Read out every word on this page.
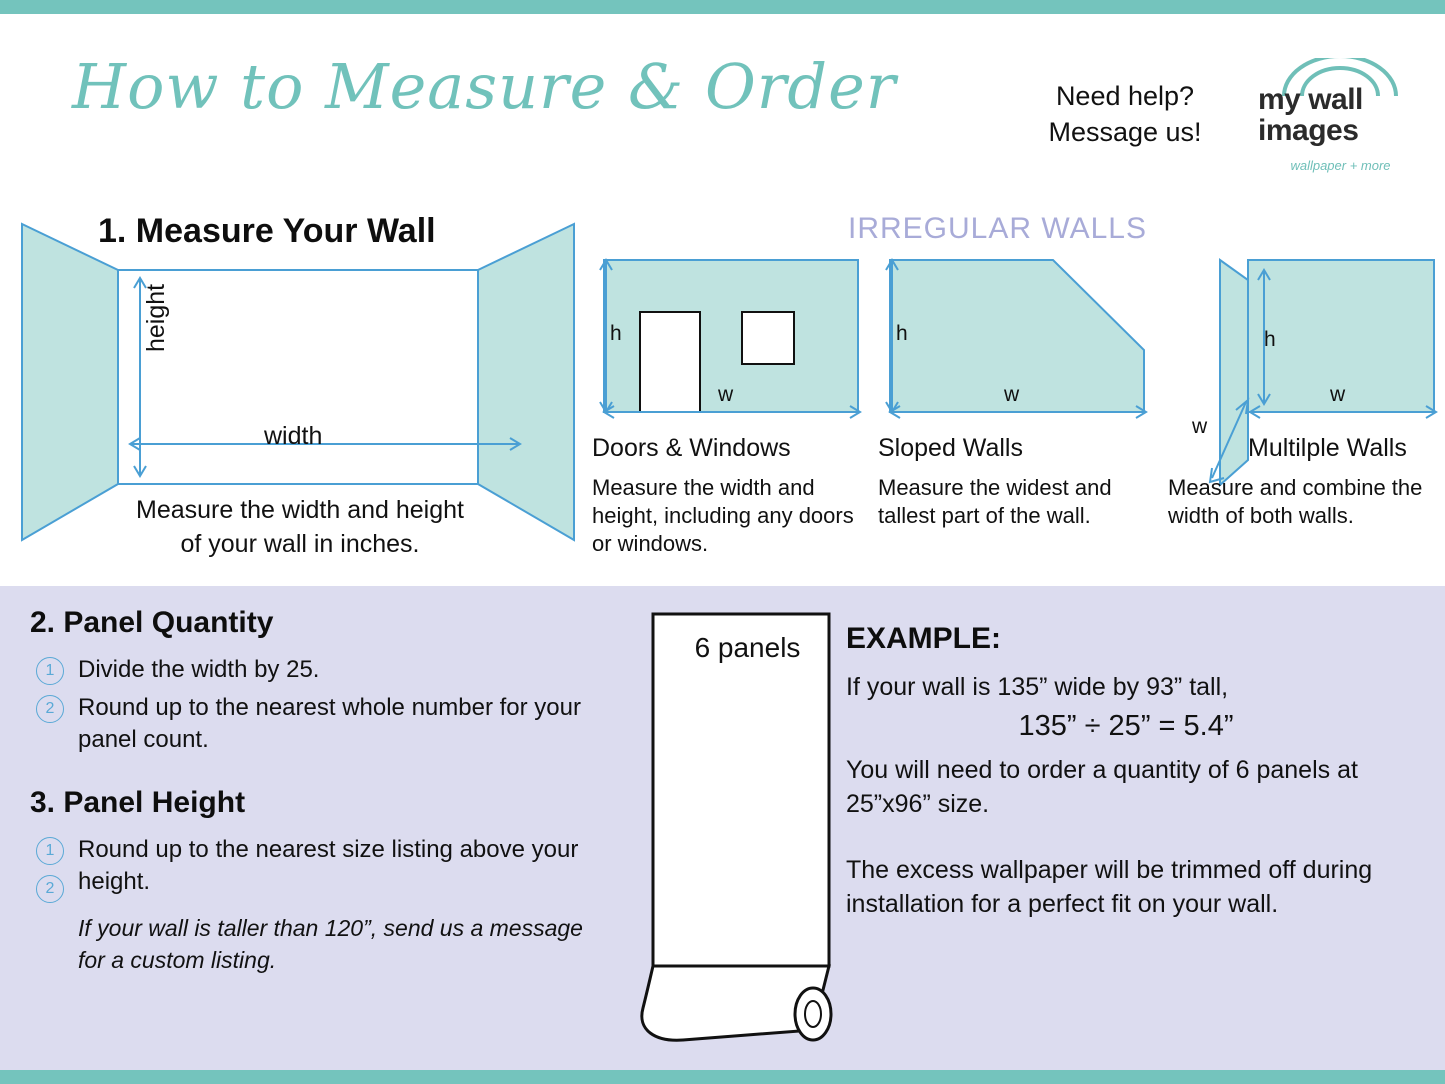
How to Measure & Order	Need help?
Message us!
my wall
images
wallpaper + more
1. Measure Your Wall	IRREGULAR WALLS
height
width
Measure the width and height
of your wall in inches.
h
w
Doors & Windows
Measure the width and height, including any doors or windows.
h
w
Sloped Walls
Measure the widest and tallest part of the wall.
h
w
w
Multilple Walls
Measure and combine the width of both walls.
2. Panel Quantity
1 Divide the width by 25.
2 Round up to the nearest whole number for your panel count.
3. Panel Height
1
2
Round up to the nearest size listing above your height.
If your wall is taller than 120”, send us a message for a custom listing.
6 panels	EXAMPLE:
If your wall is 135” wide by 93” tall,
135” ÷ 25” = 5.4”
You will need to order a quantity of 6 panels at 25”x96” size.
The excess wallpaper will be trimmed off during installation for a perfect fit on your wall.
